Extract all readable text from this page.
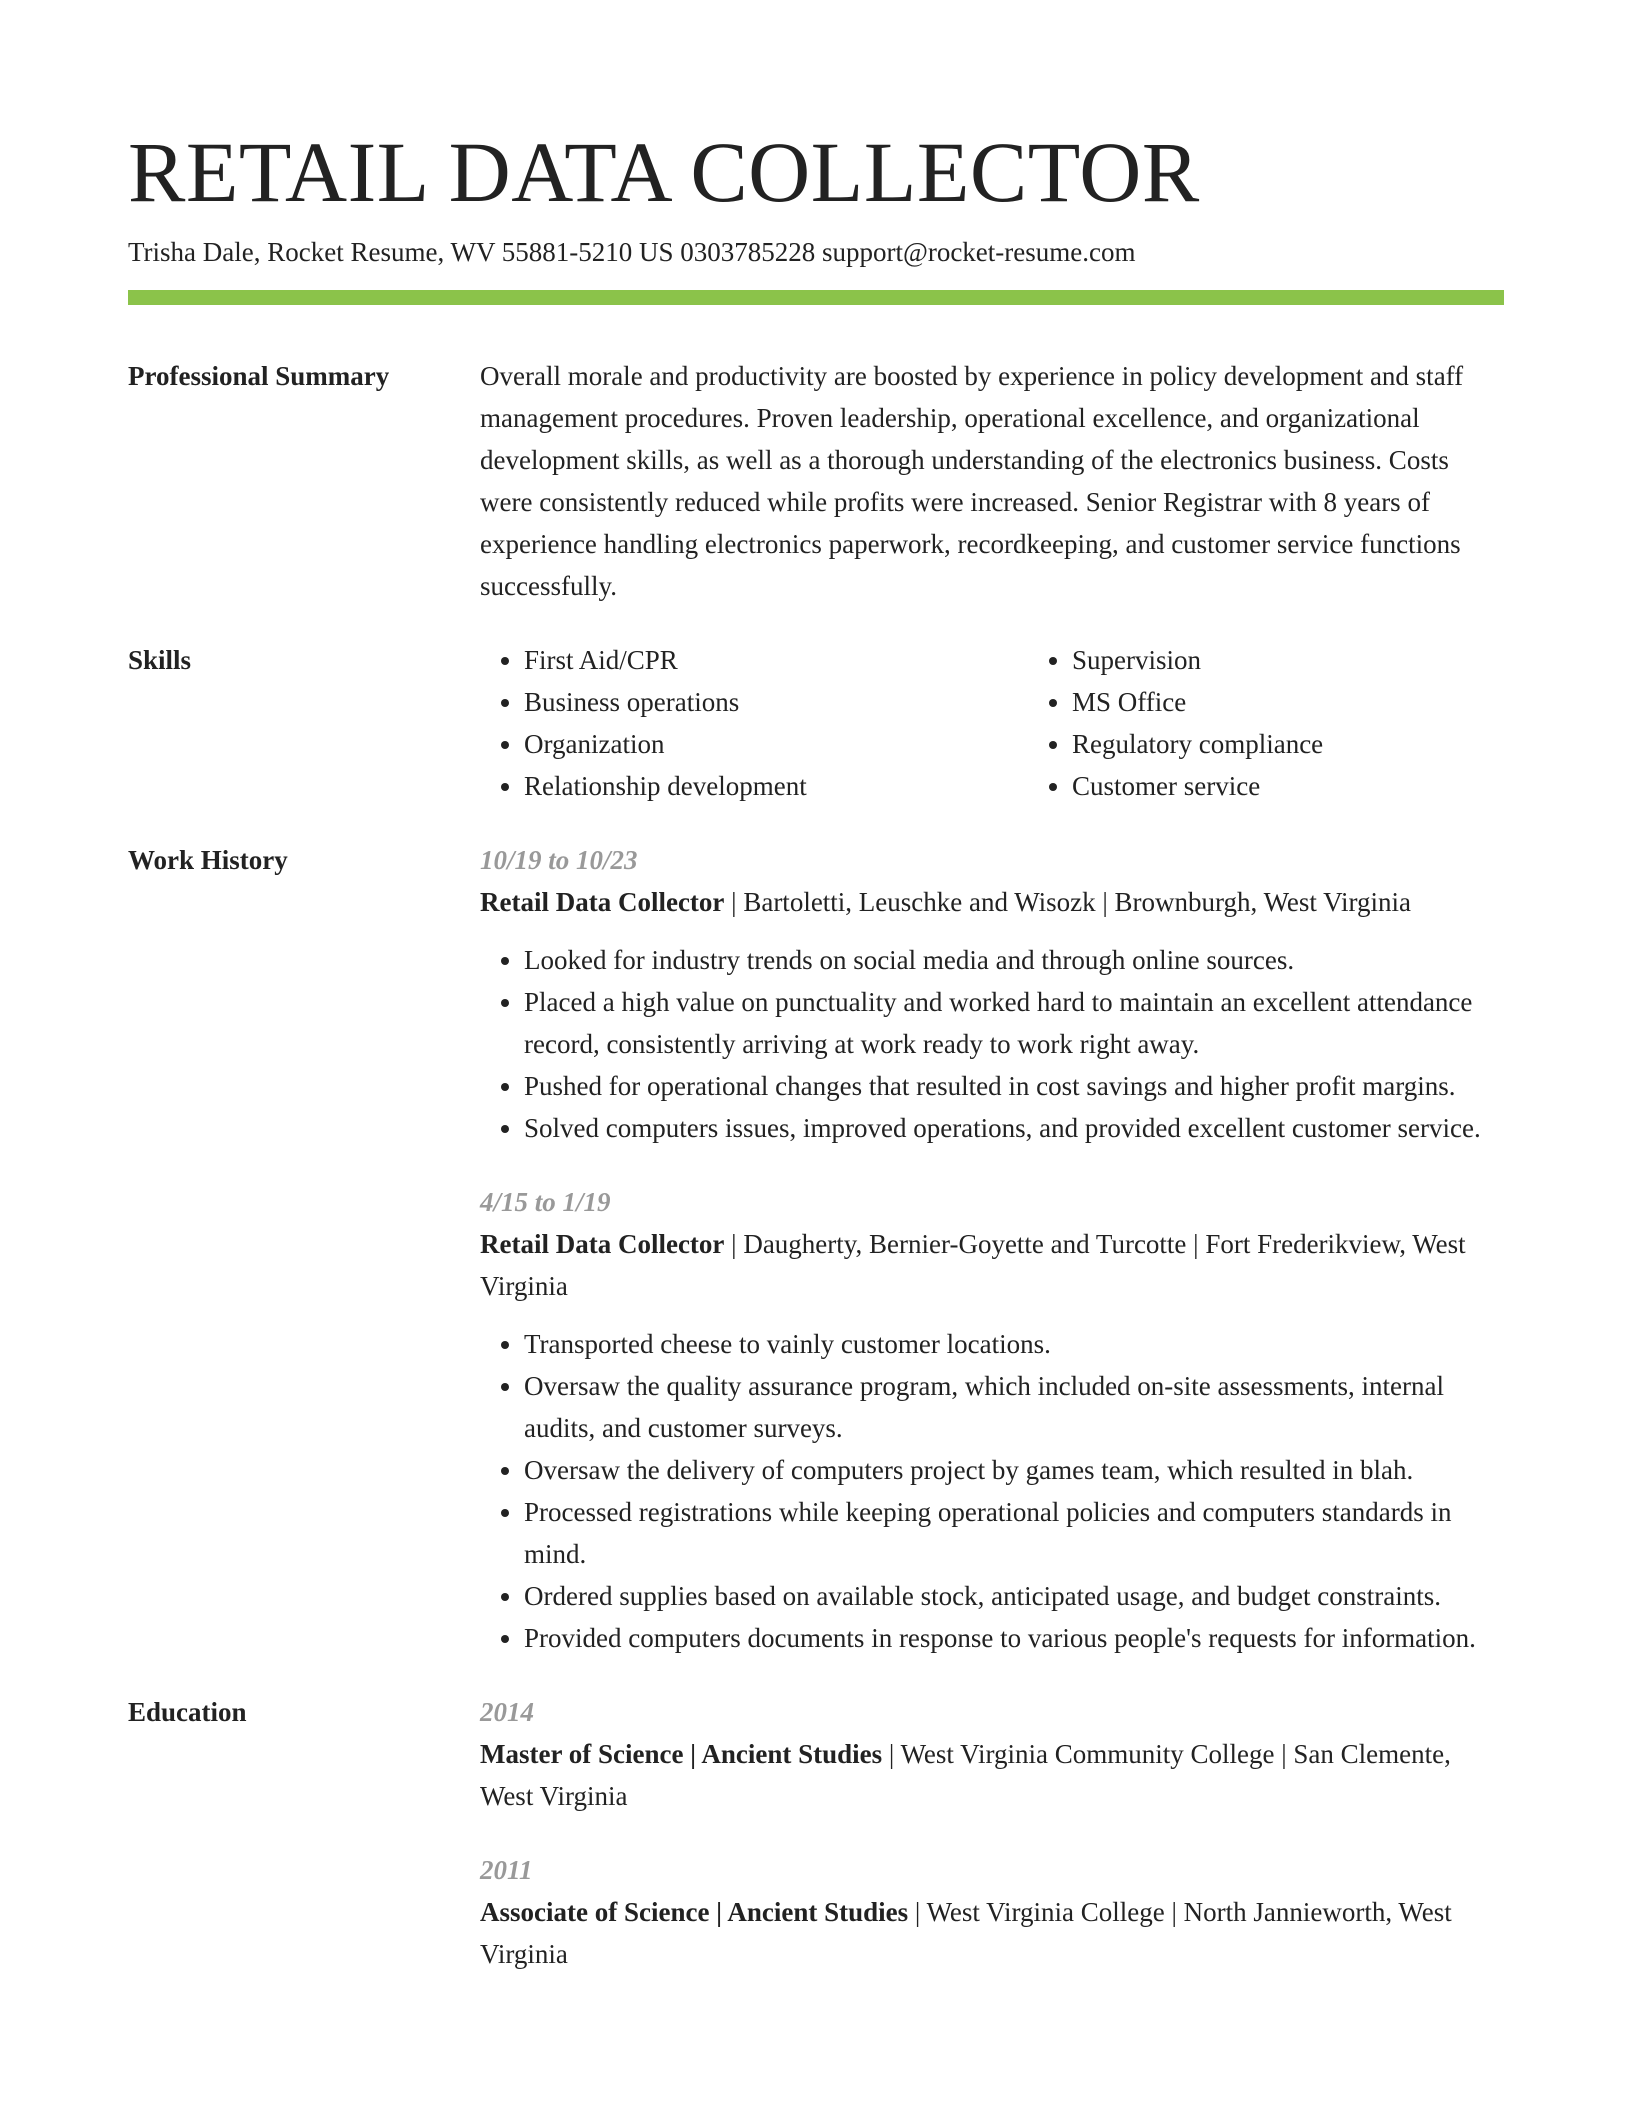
RETAIL DATA COLLECTOR
Trisha Dale, Rocket Resume, WV 55881-5210 US 0303785228 support@rocket-resume.com
Professional Summary	Overall morale and productivity are boosted by experience in policy development and staff management procedures. Proven leadership, operational excellence, and organizational development skills, as well as a thorough understanding of the electronics business. Costs were consistently reduced while profits were increased. Senior Registrar with 8 years of experience handling electronics paperwork, recordkeeping, and customer service functions successfully.
Skills
•	First Aid/CPR
• Business operations
• Organization
• Relationship development
• Supervision
• MS Office
• Regulatory compliance
• Customer service
Work History	10/19 to 10/23
Retail Data Collector | Bartoletti, Leuschke and Wisozk | Brownburgh, West Virginia
• Looked for industry trends on social media and through online sources.
• Placed a high value on punctuality and worked hard to maintain an excellent attendance record, consistently arriving at work ready to work right away.
• Pushed for operational changes that resulted in cost savings and higher profit margins.
• Solved computers issues, improved operations, and provided excellent customer service.
4/15 to 1/19
Retail Data Collector | Daugherty, Bernier-Goyette and Turcotte | Fort Frederikview, West Virginia
• Transported cheese to vainly customer locations.
• Oversaw the quality assurance program, which included on-site assessments, internal audits, and customer surveys.
• Oversaw the delivery of computers project by games team, which resulted in blah.
• Processed registrations while keeping operational policies and computers standards in mind.
• Ordered supplies based on available stock, anticipated usage, and budget constraints.
• Provided computers documents in response to various people's requests for information.
Education	2014
Master of Science | Ancient Studies | West Virginia Community College | San Clemente, West Virginia
2011
Associate of Science | Ancient Studies | West Virginia College | North Jannieworth, West Virginia
